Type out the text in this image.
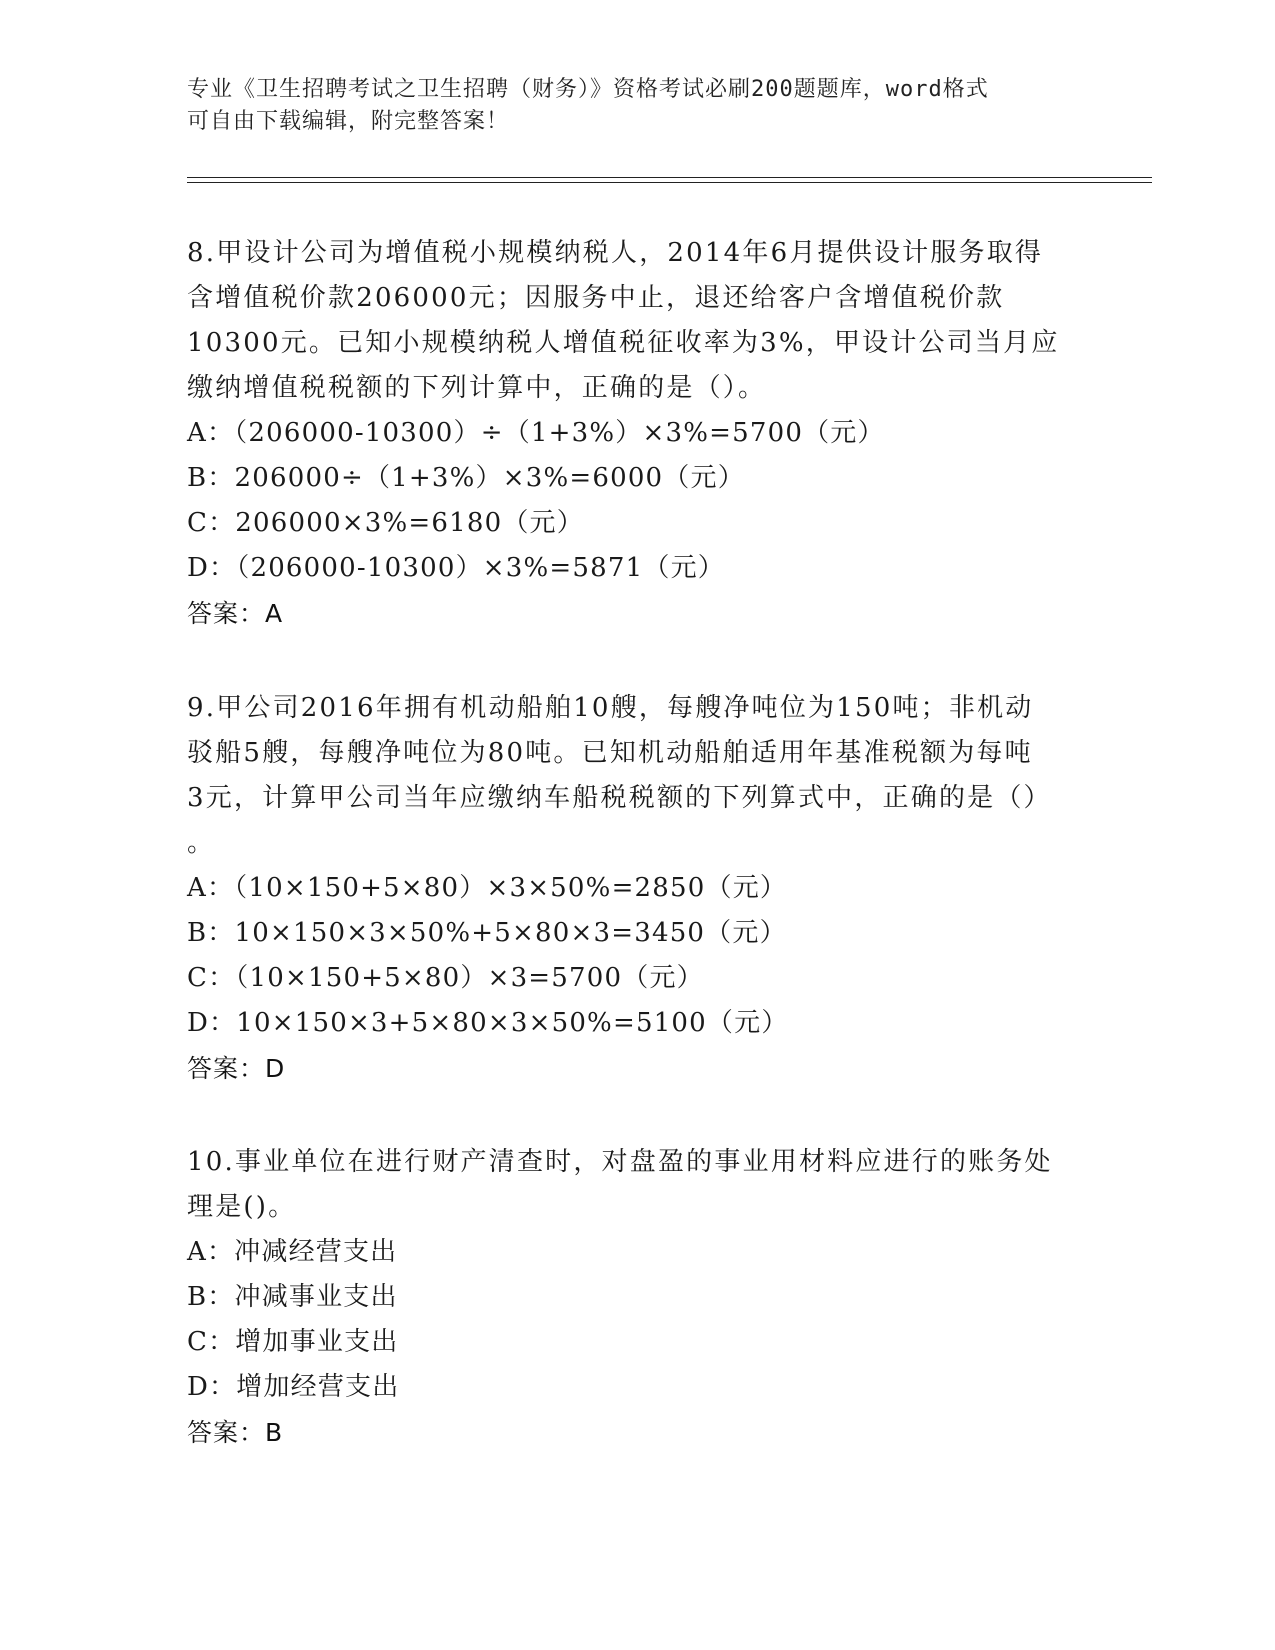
专业《卫生招聘考试之卫生招聘（财务）》资格考试必刷200题题库，word格式
可自由下载编辑，附完整答案！
8.甲设计公司为增值税小规模纳税人，2014年6月提供设计服务取得
含增值税价款206000元；因服务中止，退还给客户含增值税价款
10300元。已知小规模纳税人增值税征收率为3%，甲设计公司当月应
缴纳增值税税额的下列计算中，正确的是（）。
A：（206000-10300）÷（1+3%）×3%=5700（元）
B：206000÷（1+3%）×3%=6000（元）
C：206000×3%=6180（元）
D：（206000-10300）×3%=5871（元）
答案：A
9.甲公司2016年拥有机动船舶10艘，每艘净吨位为150吨；非机动
驳船5艘，每艘净吨位为80吨。已知机动船舶适用年基准税额为每吨
3元，计算甲公司当年应缴纳车船税税额的下列算式中，正确的是（）
。
A：（10×150+5×80）×3×50%=2850（元）
B：10×150×3×50%+5×80×3=3450（元）
C：（10×150+5×80）×3=5700（元）
D：10×150×3+5×80×3×50%=5100（元）
答案：D
10.事业单位在进行财产清查时，对盘盈的事业用材料应进行的账务处
理是()。
A：冲减经营支出
B：冲减事业支出
C：增加事业支出
D：增加经营支出
答案：B
